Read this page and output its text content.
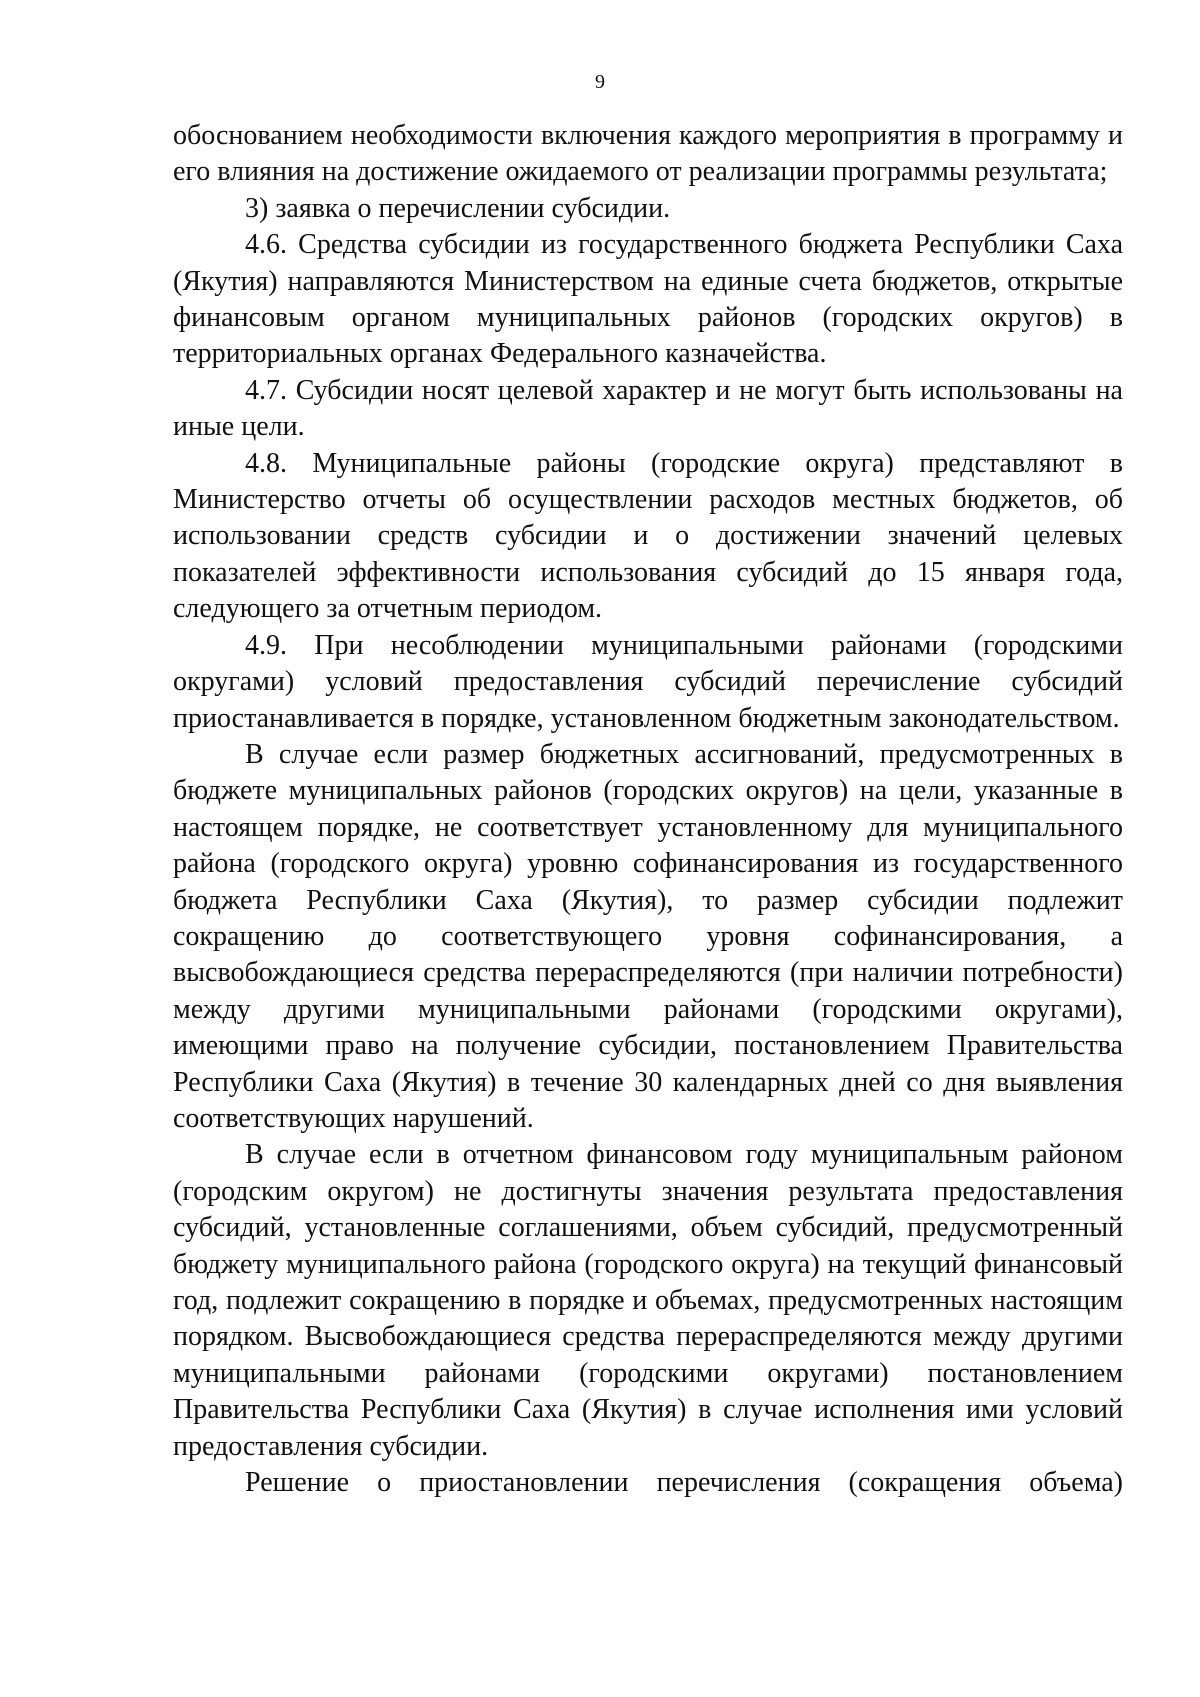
9

обоснованием необходимости включения каждого мероприятия в программу и его влияния на достижение ожидаемого от реализации программы результата;

3) заявка о перечислении субсидии.

4.6. Средства субсидии из государственного бюджета Республики Саха (Якутия) направляются Министерством на единые счета бюджетов, открытые финансовым органом муниципальных районов (городских округов) в территориальных органах Федерального казначейства.

4.7. Субсидии носят целевой характер и не могут быть использованы на иные цели.

4.8. Муниципальные районы (городские округа) представляют в Министерство отчеты об осуществлении расходов местных бюджетов, об использовании средств субсидии и о достижении значений целевых показателей эффективности использования субсидий до 15 января года, следующего за отчетным периодом.

4.9. При несоблюдении муниципальными районами (городскими округами) условий предоставления субсидий перечисление субсидий приостанавливается в порядке, установленном бюджетным законодательством.

В случае если размер бюджетных ассигнований, предусмотренных в бюджете муниципальных районов (городских округов) на цели, указанные в настоящем порядке, не соответствует установленному для муниципального района (городского округа) уровню софинансирования из государственного бюджета Республики Саха (Якутия), то размер субсидии подлежит сокращению до соответствующего уровня софинансирования, а высвобождающиеся средства перераспределяются (при наличии потребности) между другими муниципальными районами (городскими округами), имеющими право на получение субсидии, постановлением Правительства Республики Саха (Якутия) в течение 30 календарных дней со дня выявления соответствующих нарушений.

В случае если в отчетном финансовом году муниципальным районом (городским округом) не достигнуты значения результата предоставления субсидий, установленные соглашениями, объем субсидий, предусмотренный бюджету муниципального района (городского округа) на текущий финансовый год, подлежит сокращению в порядке и объемах, предусмотренных настоящим порядком. Высвобождающиеся средства перераспределяются между другими муниципальными районами (городскими округами) постановлением Правительства Республики Саха (Якутия) в случае исполнения ими условий предоставления субсидии.

Решение о приостановлении перечисления (сокращения объема)
